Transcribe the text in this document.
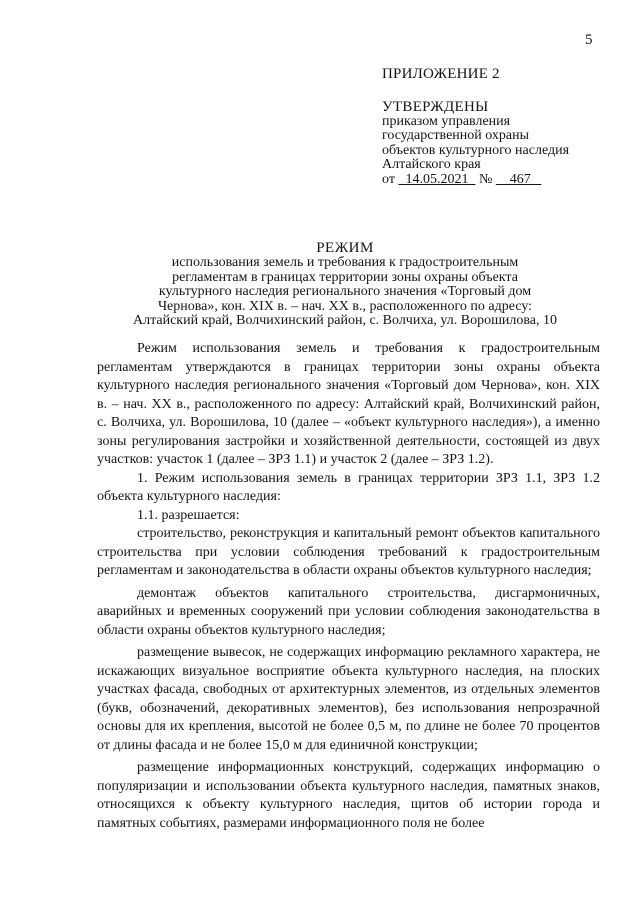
5
ПРИЛОЖЕНИЕ 2
УТВЕРЖДЕНЫ
приказом управления
государственной охраны
объектов культурного наследия
Алтайского края
от 14.05.2021 № 467
РЕЖИМ
использования земель и требования к градостроительным
регламентам в границах территории зоны охраны объекта
культурного наследия регионального значения «Торговый дом
Чернова», кон. XIX в. – нач. XX в., расположенного по адресу:
Алтайский край, Волчихинский район, с. Волчиха, ул. Ворошилова, 10

Режим использования земель и требования к градостроительным регламентам утверждаются в границах территории зоны охраны объекта культурного наследия регионального значения «Торговый дом Чернова», кон. XIX в. – нач. XX в., расположенного по адресу: Алтайский край, Волчихинский район, с. Волчиха, ул. Ворошилова, 10 (далее – «объект культурного наследия»), а именно зоны регулирования застройки и хозяйственной деятельности, состоящей из двух участков: участок 1 (далее – ЗРЗ 1.1) и участок 2 (далее – ЗРЗ 1.2).

1. Режим использования земель в границах территории ЗРЗ 1.1, ЗРЗ 1.2 объекта культурного наследия:

1.1. разрешается:

строительство, реконструкция и капитальный ремонт объектов капитального строительства при условии соблюдения требований к градостроительным регламентам и законодательства в области охраны объектов культурного наследия;

демонтаж объектов капитального строительства, дисгармоничных, аварийных и временных сооружений при условии соблюдения законодательства в области охраны объектов культурного наследия;

размещение вывесок, не содержащих информацию рекламного характера, не искажающих визуальное восприятие объекта культурного наследия, на плоских участках фасада, свободных от архитектурных элементов, из отдельных элементов (букв, обозначений, декоративных элементов), без использования непрозрачной основы для их крепления, высотой не более 0,5 м, по длине не более 70 процентов от длины фасада и не более 15,0 м для единичной конструкции;

размещение информационных конструкций, содержащих информацию о популяризации и использовании объекта культурного наследия, памятных знаков, относящихся к объекту культурного наследия, щитов об истории города и памятных событиях, размерами информационного поля не более
